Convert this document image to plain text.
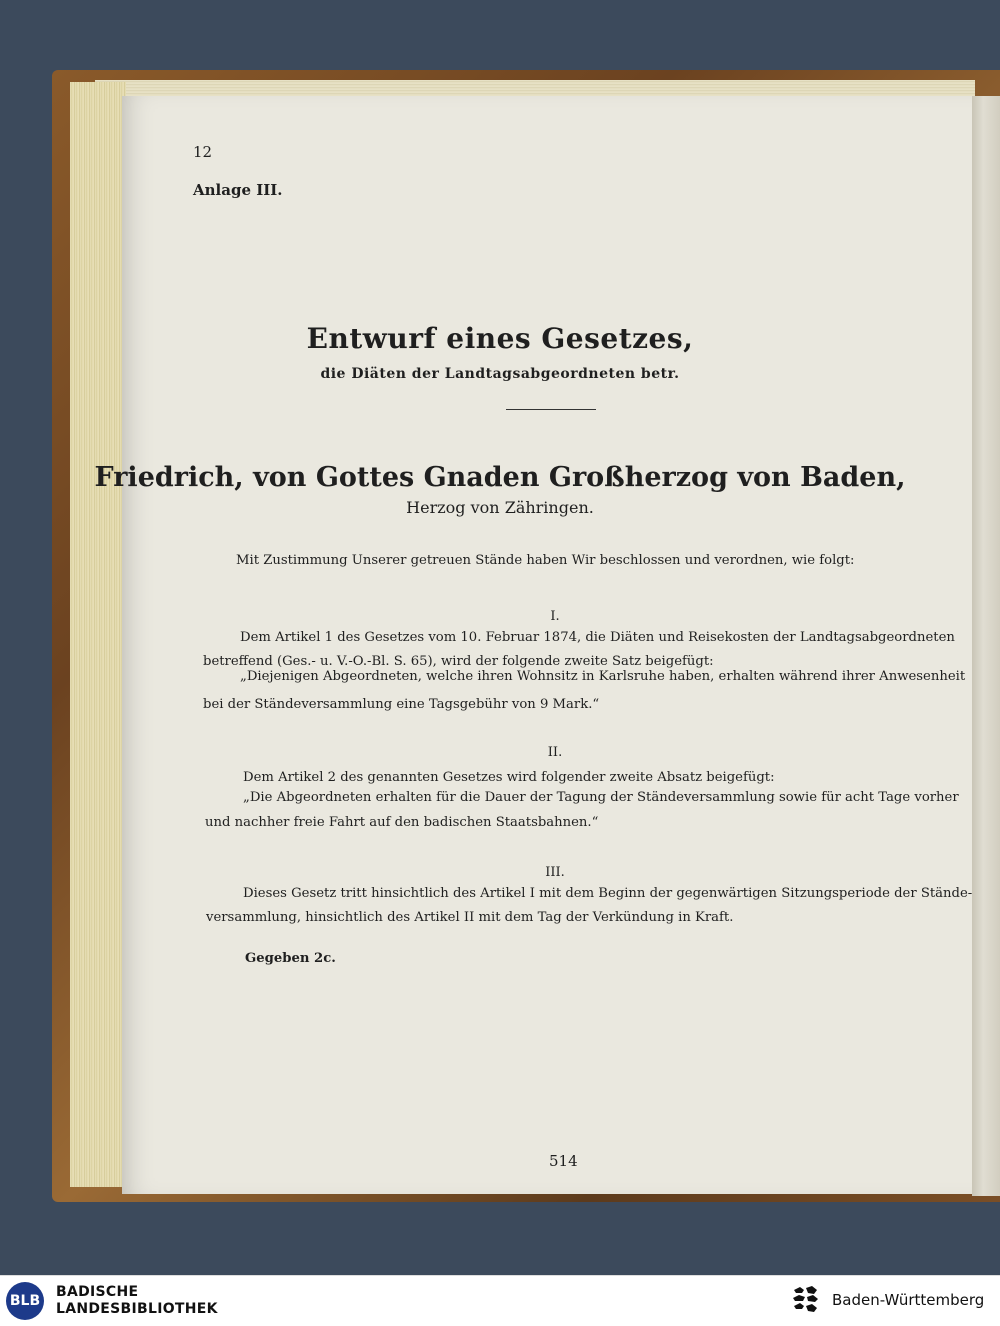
12
Anlage III.
Entwurf eines Gesetzes,
die Diäten der Landtagsabgeordneten betr.
Friedrich, von Gottes Gnaden Großherzog von Baden,
Herzog von Zähringen.
Mit Zustimmung Unserer getreuen Stände haben Wir beschlossen und verordnen, wie folgt:
I.
Dem Artikel 1 des Gesetzes vom 10. Februar 1874, die Diäten und Reisekosten der Landtagsabgeordneten
betreffend (Ges.- u. V.-O.-Bl. S. 65), wird der folgende zweite Satz beigefügt:
„Diejenigen Abgeordneten, welche ihren Wohnsitz in Karlsruhe haben, erhalten während ihrer Anwesenheit
bei der Ständeversammlung eine Tagsgebühr von 9 Mark.“
II.
Dem Artikel 2 des genannten Gesetzes wird folgender zweite Absatz beigefügt:
„Die Abgeordneten erhalten für die Dauer der Tagung der Ständeversammlung sowie für acht Tage vorher
und nachher freie Fahrt auf den badischen Staatsbahnen.“
III.
Dieses Gesetz tritt hinsichtlich des Artikel I mit dem Beginn der gegenwärtigen Sitzungsperiode der Stände-
versammlung, hinsichtlich des Artikel II mit dem Tag der Verkündung in Kraft.
Gegeben 2c.
514
BLB
BADISCHE
LANDESBIBLIOTHEK	Baden-Württemberg
